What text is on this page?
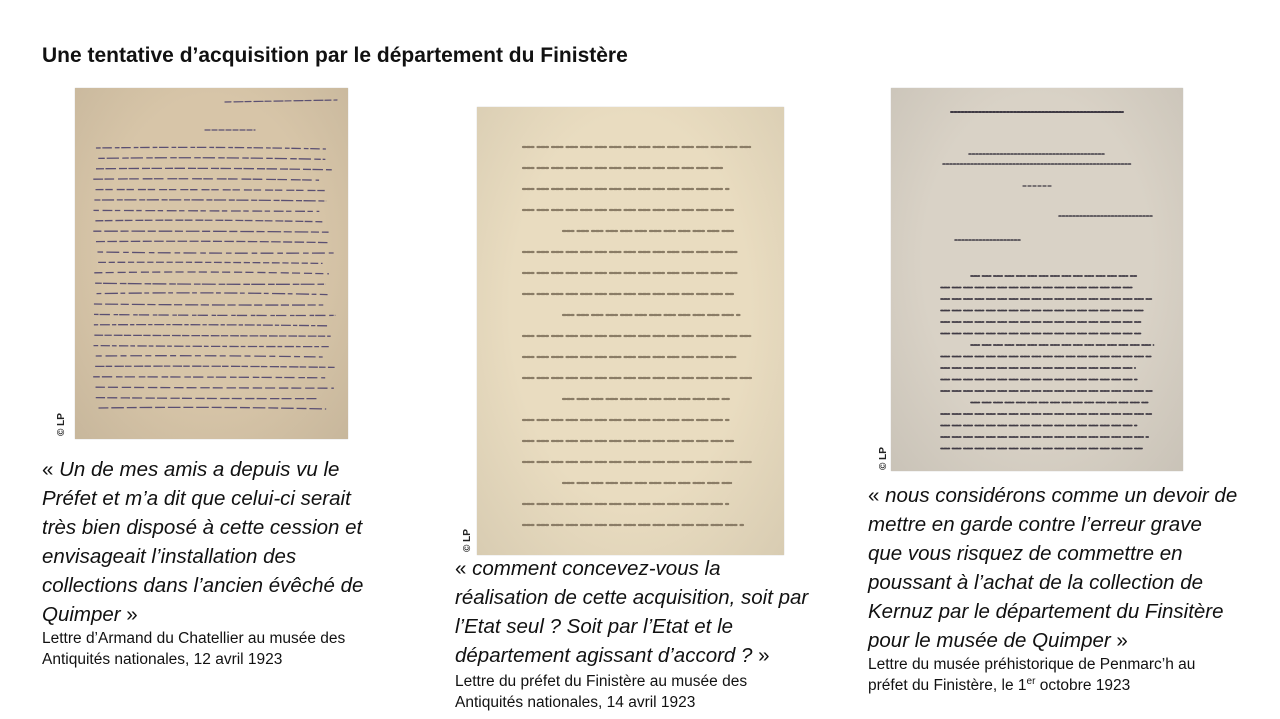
Une tentative d’acquisition par le département du Finistère
© LP
« Un de mes amis a depuis vu le Préfet et m’a dit que celui-ci serait très bien disposé à cette cession et envisageait l’installation des collections dans l’ancien évêché de Quimper »
Lettre d’Armand du Chatellier au musée des
Antiquités nationales, 12 avril 1923
© LP
« comment concevez-vous la réalisation de cette acquisition, soit par l’Etat seul ? Soit par l’Etat et le département agissant d’accord ? »
Lettre du préfet du Finistère au musée des
Antiquités nationales, 14 avril 1923
© LP
« nous considérons comme un devoir de mettre en garde contre l’erreur grave que vous risquez de commettre en poussant à l’achat de la collection de Kernuz par le département du Finsitère pour le musée de Quimper »
Lettre du musée préhistorique de Penmarc’h au
préfet du Finistère, le 1er octobre 1923
